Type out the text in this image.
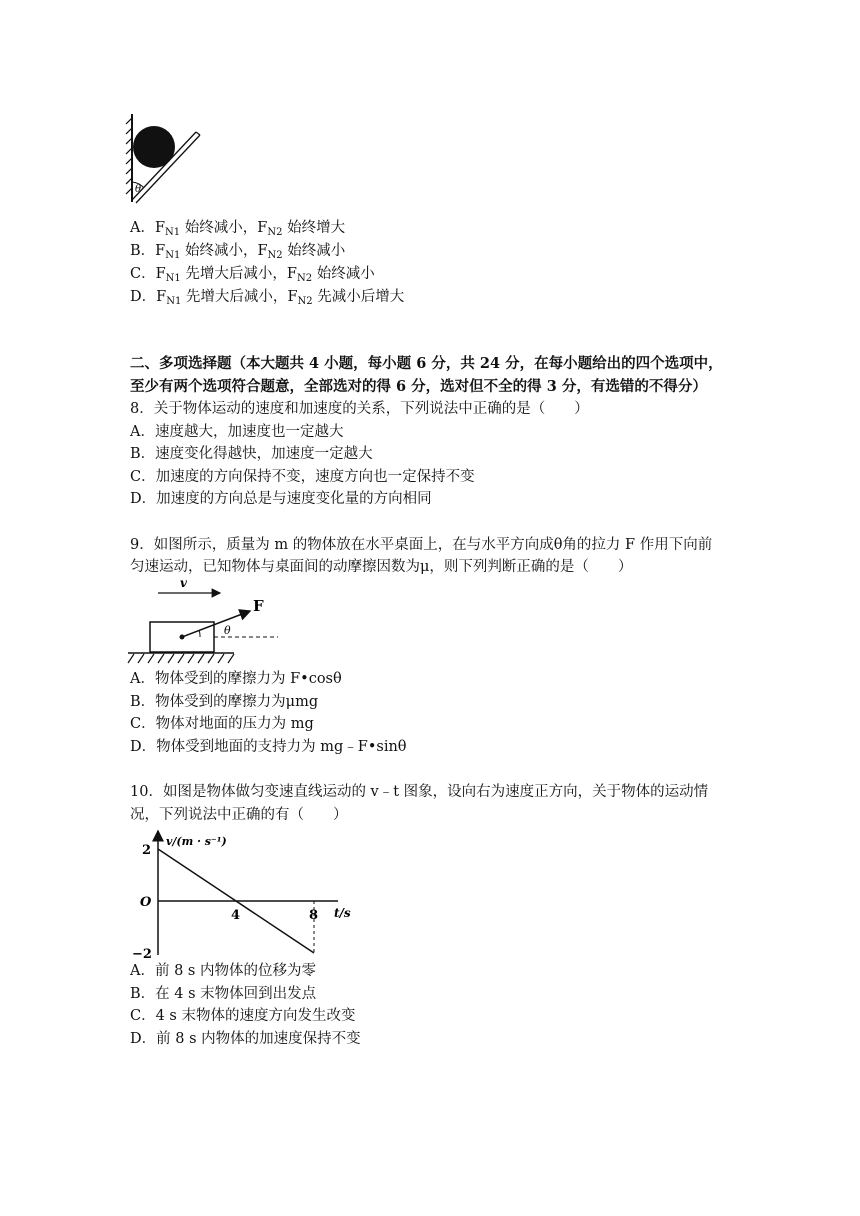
θ
A．$F_{N1}$ 始终减小，$F_{N2}$ 始终增大
B．$F_{N1}$ 始终减小，$F_{N2}$ 始终减小
C．$F_{N1}$ 先增大后减小，$F_{N2}$ 始终减小
D．$F_{N1}$ 先增大后减小，$F_{N2}$ 先减小后增大
二、多项选择题（本大题共 4 小题，每小题 6 分，共 24 分，在每小题给出的四个选项中，
至少有两个选项符合题意，全部选对的得 6 分，选对但不全的得 3 分，有选错的不得分）
8．关于物体运动的速度和加速度的关系，下列说法中正确的是（　　）
A．速度越大，加速度也一定越大
B．速度变化得越快，加速度一定越大
C．加速度的方向保持不变，速度方向也一定保持不变
D．加速度的方向总是与速度变化量的方向相同
9．如图所示，质量为 m 的物体放在水平桌面上，在与水平方向成θ角的拉力 F 作用下向前
匀速运动，已知物体与桌面间的动摩擦因数为μ，则下列判断正确的是（　　）
v
F
θ
A．物体受到的摩擦力为 F•cosθ
B．物体受到的摩擦力为μmg
C．物体对地面的压力为 mg
D．物体受到地面的支持力为 mg﹣F•sinθ
10．如图是物体做匀变速直线运动的 v﹣t 图象，设向右为速度正方向，关于物体的运动情
况，下列说法中正确的有（　　）
v/(m · s⁻¹)
t/s
O
4	8
2
−2
A．前 8 s 内物体的位移为零
B．在 4 s 末物体回到出发点
C．4 s 末物体的速度方向发生改变
D．前 8 s 内物体的加速度保持不变
